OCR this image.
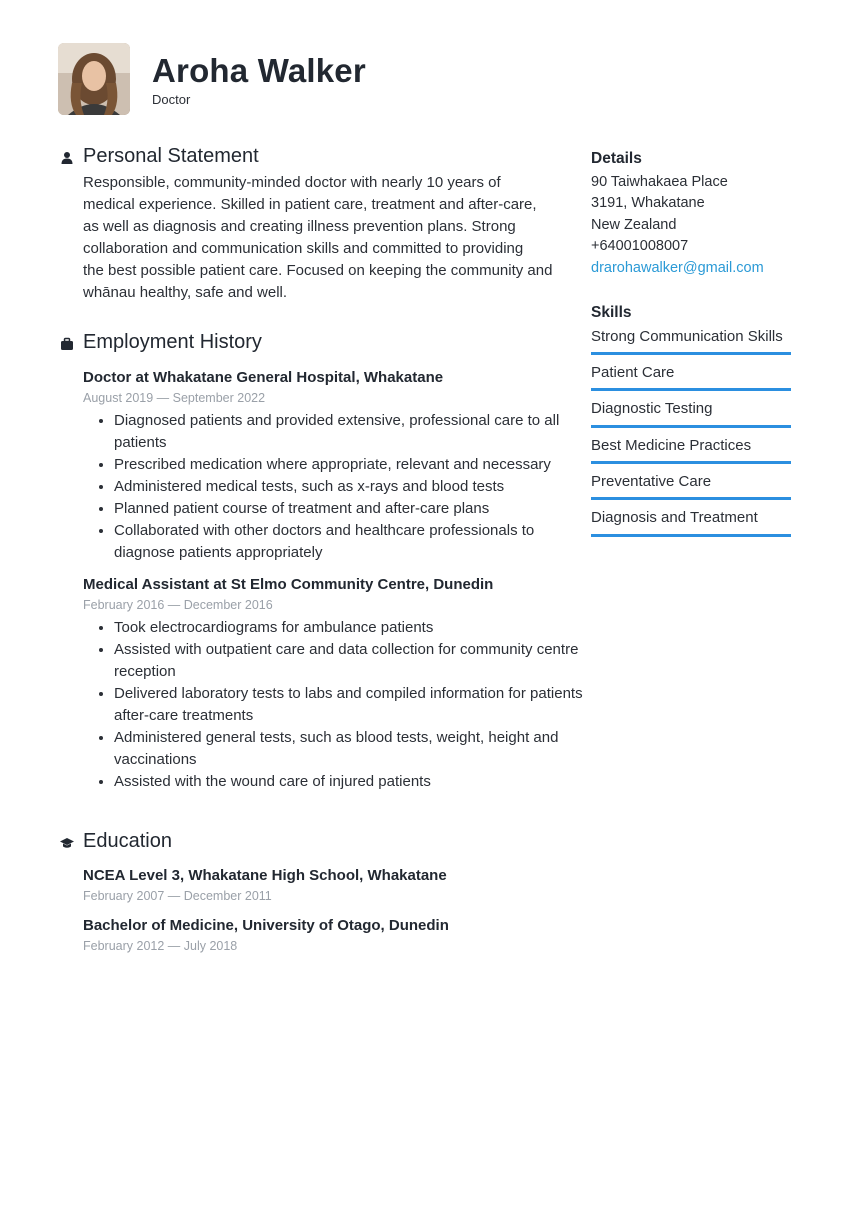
Aroha Walker
Doctor
Personal Statement
Responsible, community-minded doctor with nearly 10 years of
medical experience. Skilled in patient care, treatment and after-care,
as well as diagnosis and creating illness prevention plans. Strong
collaboration and communication skills and committed to providing
the best possible patient care. Focused on keeping the community and
whānau healthy, safe and well.
Employment History
Doctor at Whakatane General Hospital, Whakatane
August 2019 — September 2022
• Diagnosed patients and provided extensive, professional care to all patients
• Prescribed medication where appropriate, relevant and necessary
• Administered medical tests, such as x-rays and blood tests
• Planned patient course of treatment and after-care plans
• Collaborated with other doctors and healthcare professionals to diagnose patients appropriately
Medical Assistant at St Elmo Community Centre, Dunedin
February 2016 — December 2016
• Took electrocardiograms for ambulance patients
• Assisted with outpatient care and data collection for community centre reception
• Delivered laboratory tests to labs and compiled information for patients after-care treatments
• Administered general tests, such as blood tests, weight, height and vaccinations
• Assisted with the wound care of injured patients
Education
NCEA Level 3, Whakatane High School, Whakatane
February 2007 — December 2011
Bachelor of Medicine, University of Otago, Dunedin
February 2012 — July 2018
Details
90 Taiwhakaea Place
3191, Whakatane
New Zealand
+64001008007
drarohawalker@gmail.com
Skills
Strong Communication Skills
Patient Care
Diagnostic Testing
Best Medicine Practices
Preventative Care
Diagnosis and Treatment
